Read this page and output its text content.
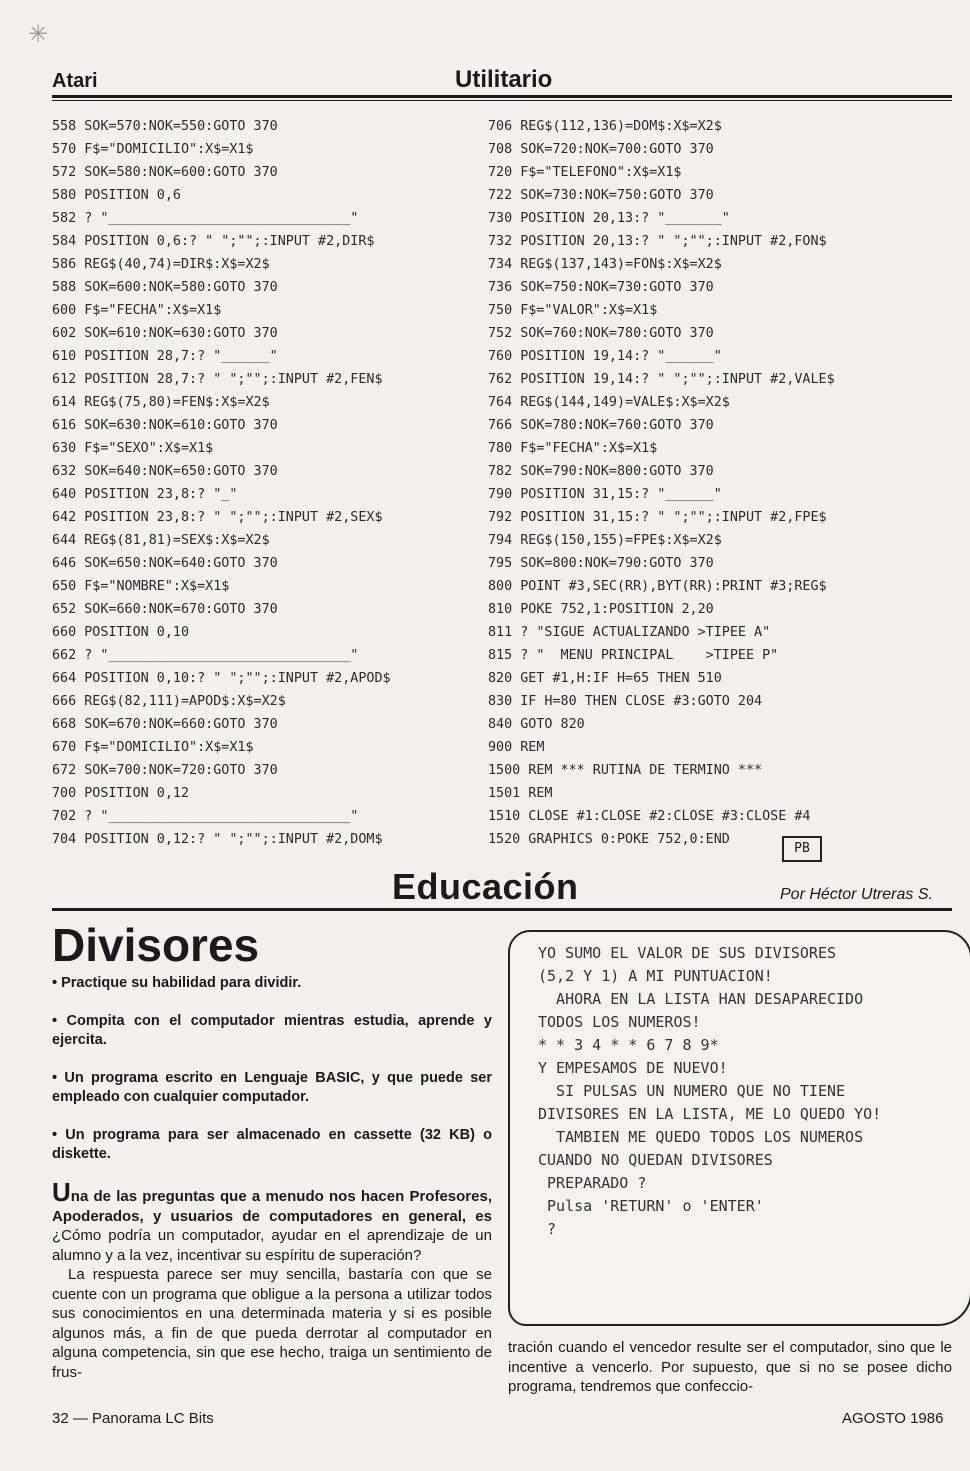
✳
Atari	Utilitario
558 SOK=570:NOK=550:GOTO 370
570 F$="DOMICILIO":X$=X1$
572 SOK=580:NOK=600:GOTO 370
580 POSITION 0,6
582 ? "______________________________"
584 POSITION 0,6:? " ";"";:INPUT #2,DIR$
586 REG$(40,74)=DIR$:X$=X2$
588 SOK=600:NOK=580:GOTO 370
600 F$="FECHA":X$=X1$
602 SOK=610:NOK=630:GOTO 370
610 POSITION 28,7:? "______"
612 POSITION 28,7:? " ";"";:INPUT #2,FEN$
614 REG$(75,80)=FEN$:X$=X2$
616 SOK=630:NOK=610:GOTO 370
630 F$="SEXO":X$=X1$
632 SOK=640:NOK=650:GOTO 370
640 POSITION 23,8:? "_"
642 POSITION 23,8:? " ";"";:INPUT #2,SEX$
644 REG$(81,81)=SEX$:X$=X2$
646 SOK=650:NOK=640:GOTO 370
650 F$="NOMBRE":X$=X1$
652 SOK=660:NOK=670:GOTO 370
660 POSITION 0,10
662 ? "______________________________"
664 POSITION 0,10:? " ";"";:INPUT #2,APOD$
666 REG$(82,111)=APOD$:X$=X2$
668 SOK=670:NOK=660:GOTO 370
670 F$="DOMICILIO":X$=X1$
672 SOK=700:NOK=720:GOTO 370
700 POSITION 0,12
702 ? "______________________________"
704 POSITION 0,12:? " ";"";:INPUT #2,DOM$
706 REG$(112,136)=DOM$:X$=X2$
708 SOK=720:NOK=700:GOTO 370
720 F$="TELEFONO":X$=X1$
722 SOK=730:NOK=750:GOTO 370
730 POSITION 20,13:? "_______"
732 POSITION 20,13:? " ";"";:INPUT #2,FON$
734 REG$(137,143)=FON$:X$=X2$
736 SOK=750:NOK=730:GOTO 370
750 F$="VALOR":X$=X1$
752 SOK=760:NOK=780:GOTO 370
760 POSITION 19,14:? "______"
762 POSITION 19,14:? " ";"";:INPUT #2,VALE$
764 REG$(144,149)=VALE$:X$=X2$
766 SOK=780:NOK=760:GOTO 370
780 F$="FECHA":X$=X1$
782 SOK=790:NOK=800:GOTO 370
790 POSITION 31,15:? "______"
792 POSITION 31,15:? " ";"";:INPUT #2,FPE$
794 REG$(150,155)=FPE$:X$=X2$
795 SOK=800:NOK=790:GOTO 370
800 POINT #3,SEC(RR),BYT(RR):PRINT #3;REG$
810 POKE 752,1:POSITION 2,20
811 ? "SIGUE ACTUALIZANDO >TIPEE A"
815 ? "  MENU PRINCIPAL    >TIPEE P"
820 GET #1,H:IF H=65 THEN 510
830 IF H=80 THEN CLOSE #3:GOTO 204
840 GOTO 820
900 REM
1500 REM *** RUTINA DE TERMINO ***
1501 REM
1510 CLOSE #1:CLOSE #2:CLOSE #3:CLOSE #4
1520 GRAPHICS 0:POKE 752,0:END
PB
Educación	Por Héctor Utreras S.
Divisores

• Practique su habilidad para dividir.

• Compita con el computador mientras estudia, aprende y ejercita.

• Un programa escrito en Lenguaje BASIC, y que puede ser empleado con cualquier computador.

• Un programa para ser almacenado en cassette (32 KB) o diskette.

Una de las preguntas que a menudo nos hacen Profesores, Apoderados, y usuarios de computadores en general, es ¿Cómo podría un computador, ayudar en el aprendizaje de un alumno y a la vez, incentivar su espíritu de superación?

La respuesta parece ser muy sencilla, bastaría con que se cuente con un programa que obligue a la persona a utilizar todos sus conocimientos en una determinada materia y si es posible algunos más, a fin de que pueda derrotar al computador en alguna competencia, sin que ese hecho, traiga un sentimiento de frus-

YO SUMO EL VALOR DE SUS DIVISORES
(5,2 Y 1) A MI PUNTUACION!
AHORA EN LA LISTA HAN DESAPARECIDO
TODOS LOS NUMEROS!
* * 3 4 * * 6 7 8 9*
Y EMPESAMOS DE NUEVO!
SI PULSAS UN NUMERO QUE NO TIENE
DIVISORES EN LA LISTA, ME LO QUEDO YO!
TAMBIEN ME QUEDO TODOS LOS NUMEROS
CUANDO NO QUEDAN DIVISORES
PREPARADO ?
Pulsa 'RETURN' o 'ENTER'
?
tración cuando el vencedor resulte ser el computador, sino que le incentive a vencerlo. Por supuesto, que si no se posee dicho programa, tendremos que confeccio-
32 — Panorama LC Bits	AGOSTO 1986
